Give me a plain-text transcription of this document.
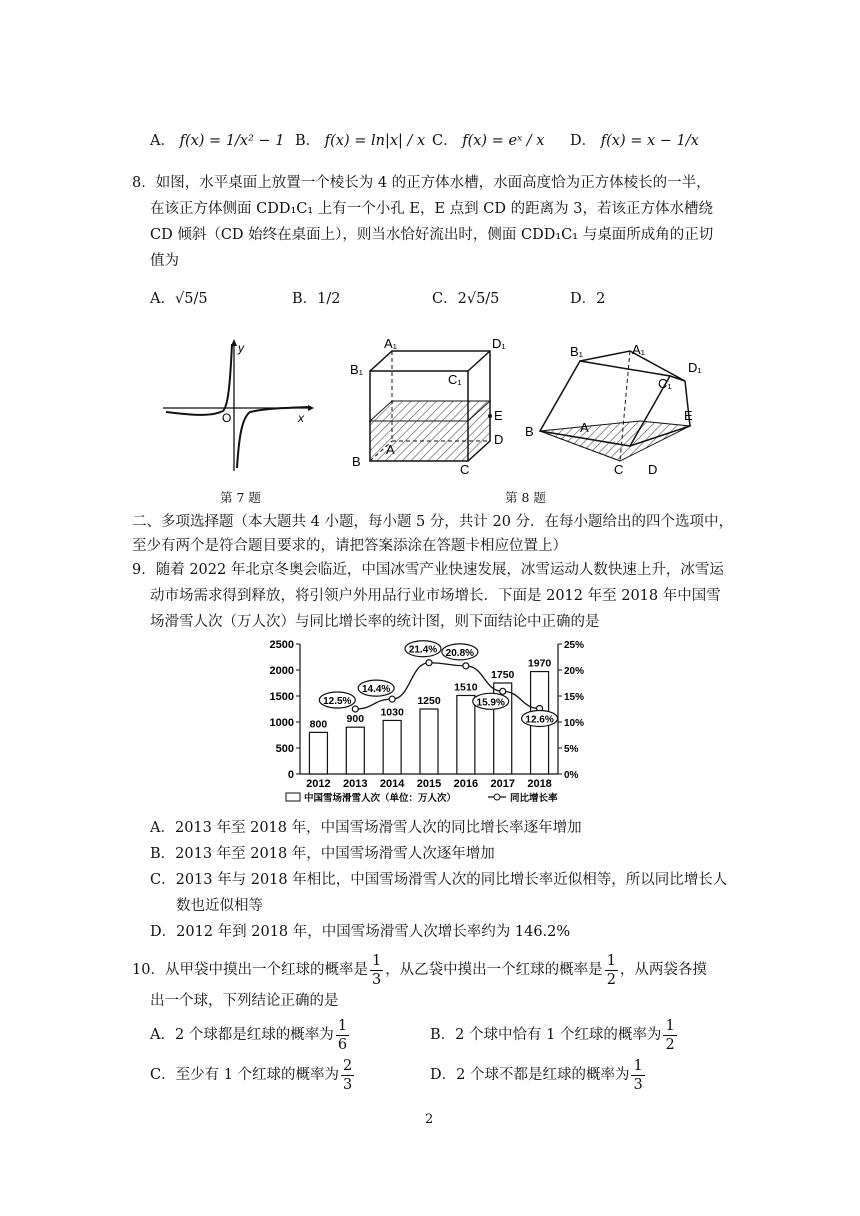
A． f(x) = 1/x² − 1 B． f(x) = ln|x| / x C． f(x) = eˣ / x D． f(x) = x − 1/x
8．如图，水平桌面上放置一个棱长为 4 的正方体水槽，水面高度恰为正方体棱长的一半，
在该正方体侧面 CDD₁C₁ 上有一个小孔 E，E 点到 CD 的距离为 3，若该正方体水槽绕
CD 倾斜（CD 始终在桌面上），则当水恰好流出时，侧面 CDD₁C₁ 与桌面所成角的正切
值为
A．√5/5	B．1/2	C．2√5/5	D．2
y
O	x
A₁	D₁
B₁
C₁
E
A
B
C
D
A₁
D₁
B₁
C₁
E
A
B
C D
第 7 题	第 8 题
二、多项选择题（本大题共 4 小题，每小题 5 分，共计 20 分．在每小题给出的四个选项中，
至少有两个是符合题目要求的，请把答案添涂在答题卡相应位置上）
9．随着 2022 年北京冬奥会临近，中国冰雪产业快速发展，冰雪运动人数快速上升，冰雪运
动市场需求得到释放，将引领户外用品行业市场增长．下面是 2012 年至 2018 年中国雪
场滑雪人次（万人次）与同比增长率的统计图，则下面结论中正确的是
0
500
1000
1500
2000
2500
0%
5%
10%
15%
20%
25%
2012 2013 2014 2015 2016 2017 2018
800 900
1030
1250
1510
1750
1970
12.5%
14.4%
21.4% 20.8%
15.9%
12.6%
中国雪场滑雪人次（单位：万人次）	同比增长率
A．2013 年至 2018 年，中国雪场滑雪人次的同比增长率逐年增加
B．2013 年至 2018 年，中国雪场滑雪人次逐年增加
C．2013 年与 2018 年相比，中国雪场滑雪人次的同比增长率近似相等，所以同比增长人
数也近似相等
D．2012 年到 2018 年，中国雪场滑雪人次增长率约为 146.2%
10．从甲袋中摸出一个红球的概率是 $\frac{1}{3}$ ，从乙袋中摸出一个红球的概率是 $\frac{1}{2}$ ，从两袋各摸
出一个球，下列结论正确的是
A．2 个球都是红球的概率为 $\frac{1}{6}$	B．2 个球中恰有 1 个红球的概率为 $\frac{1}{2}$
C．至少有 1 个红球的概率为 $\frac{2}{3}$	D．2 个球不都是红球的概率为 $\frac{1}{3}$
2
